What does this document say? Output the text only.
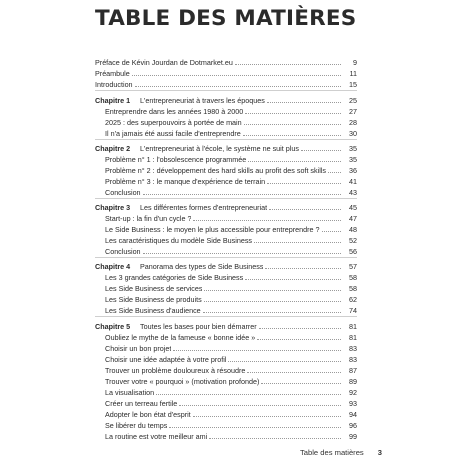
TABLE DES MATIÈRES
Préface de Kévin Jourdan de Dotmarket.eu	9
Préambule	11
Introduction	15
Chapitre 1	L'entrepreneuriat à travers les époques	25
Entreprendre dans les années 1980 à 2000	27
2025 : des superpouvoirs à portée de main	28
Il n'a jamais été aussi facile d'entreprendre	30
Chapitre 2	L'entrepreneuriat à l'école, le système ne suit plus	35
Problème n° 1 : l'obsolescence programmée	35
Problème n° 2 : développement des hard skills au profit des soft skills	36
Problème n° 3 : le manque d'expérience de terrain	41
Conclusion	43
Chapitre 3	Les différentes formes d'entrepreneuriat	45
Start-up : la fin d'un cycle ?	47
Le Side Business : le moyen le plus accessible pour entreprendre ?	48
Les caractéristiques du modèle Side Business	52
Conclusion	56
Chapitre 4	Panorama des types de Side Business	57
Les 3 grandes catégories de Side Business	58
Les Side Business de services	58
Les Side Business de produits	62
Les Side Business d'audience	74
Chapitre 5	Toutes les bases pour bien démarrer	81
Oubliez le mythe de la fameuse « bonne idée »	81
Choisir un bon projet	83
Choisir une idée adaptée à votre profil	83
Trouver un problème douloureux à résoudre	87
Trouver votre « pourquoi » (motivation profonde)	89
La visualisation	92
Créer un terreau fertile	93
Adopter le bon état d'esprit	94
Se libérer du temps	96
La routine est votre meilleur ami	99
Table des matières 3
